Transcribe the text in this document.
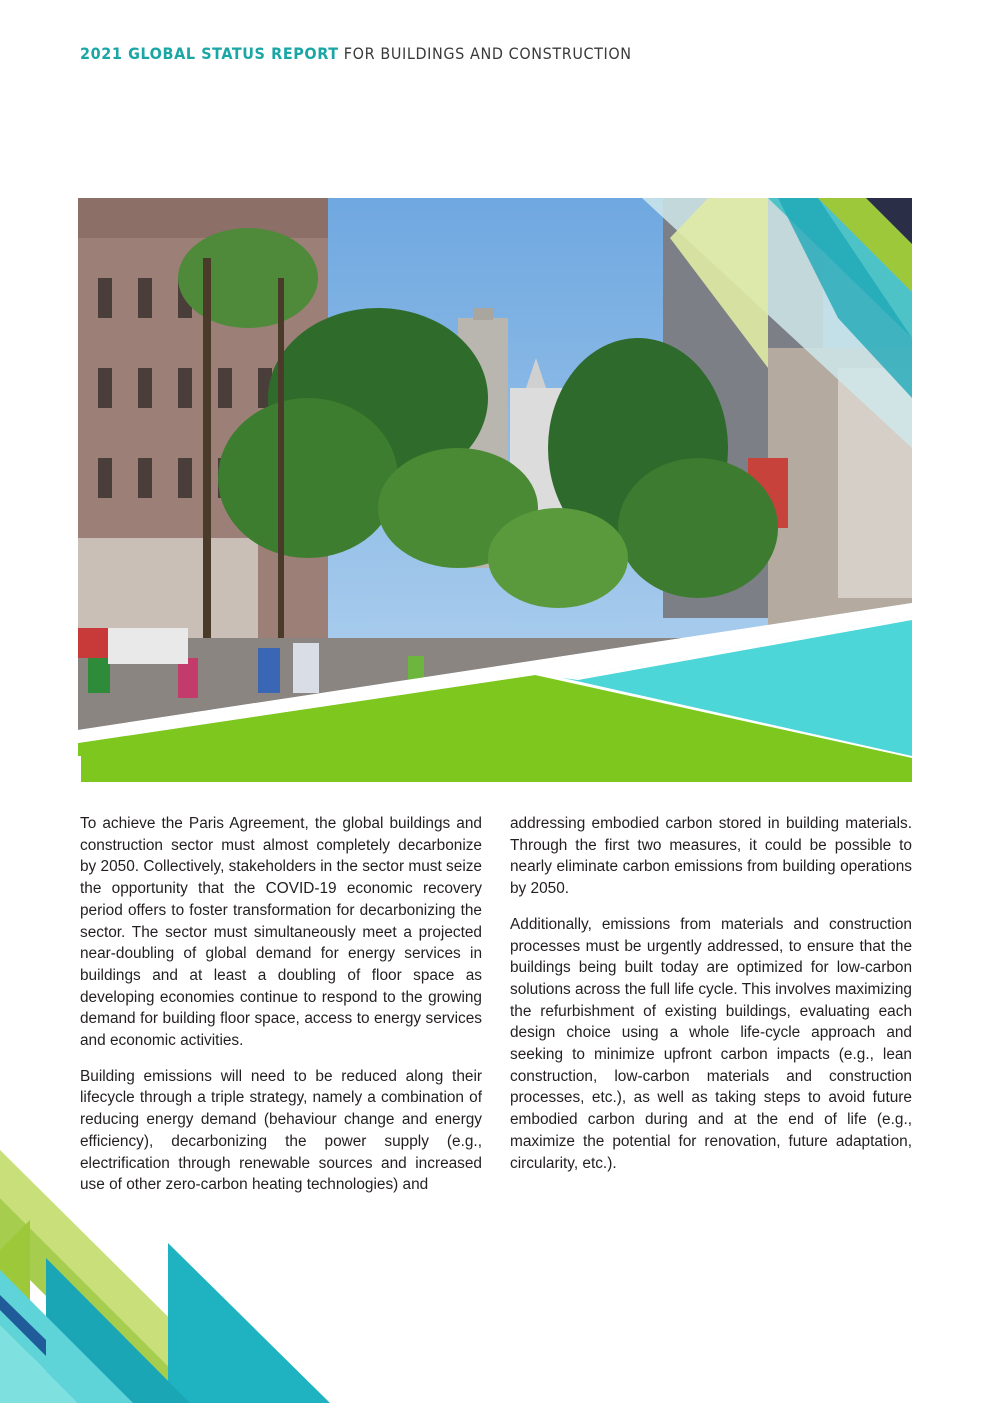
2021 GLOBAL STATUS REPORT FOR BUILDINGS AND CONSTRUCTION

To achieve the Paris Agreement, the global buildings and construction sector must almost completely decarbonize by 2050. Collectively, stakeholders in the sector must seize the opportunity that the COVID-19 economic recovery period offers to foster transformation for decarbonizing the sector. The sector must simultaneously meet a projected near-doubling of global demand for energy services in buildings and at least a doubling of floor space as developing economies continue to respond to the growing demand for building floor space, access to energy services and economic activities.

Building emissions will need to be reduced along their lifecycle through a triple strategy, namely a combination of reducing energy demand (behaviour change and energy efficiency), decarbonizing the power supply (e.g., electrification through renewable sources and increased use of other zero-carbon heating technologies) and

addressing embodied carbon stored in building materials. Through the first two measures, it could be possible to nearly eliminate carbon emissions from building operations by 2050.

Additionally, emissions from materials and construction processes must be urgently addressed, to ensure that the buildings being built today are optimized for low-carbon solutions across the full life cycle. This involves maximizing the refurbishment of existing buildings, evaluating each design choice using a whole life-cycle approach and seeking to minimize upfront carbon impacts (e.g., lean construction, low-carbon materials and construction processes, etc.), as well as taking steps to avoid future embodied carbon during and at the end of life (e.g., maximize the potential for renovation, future adaptation, circularity, etc.).
